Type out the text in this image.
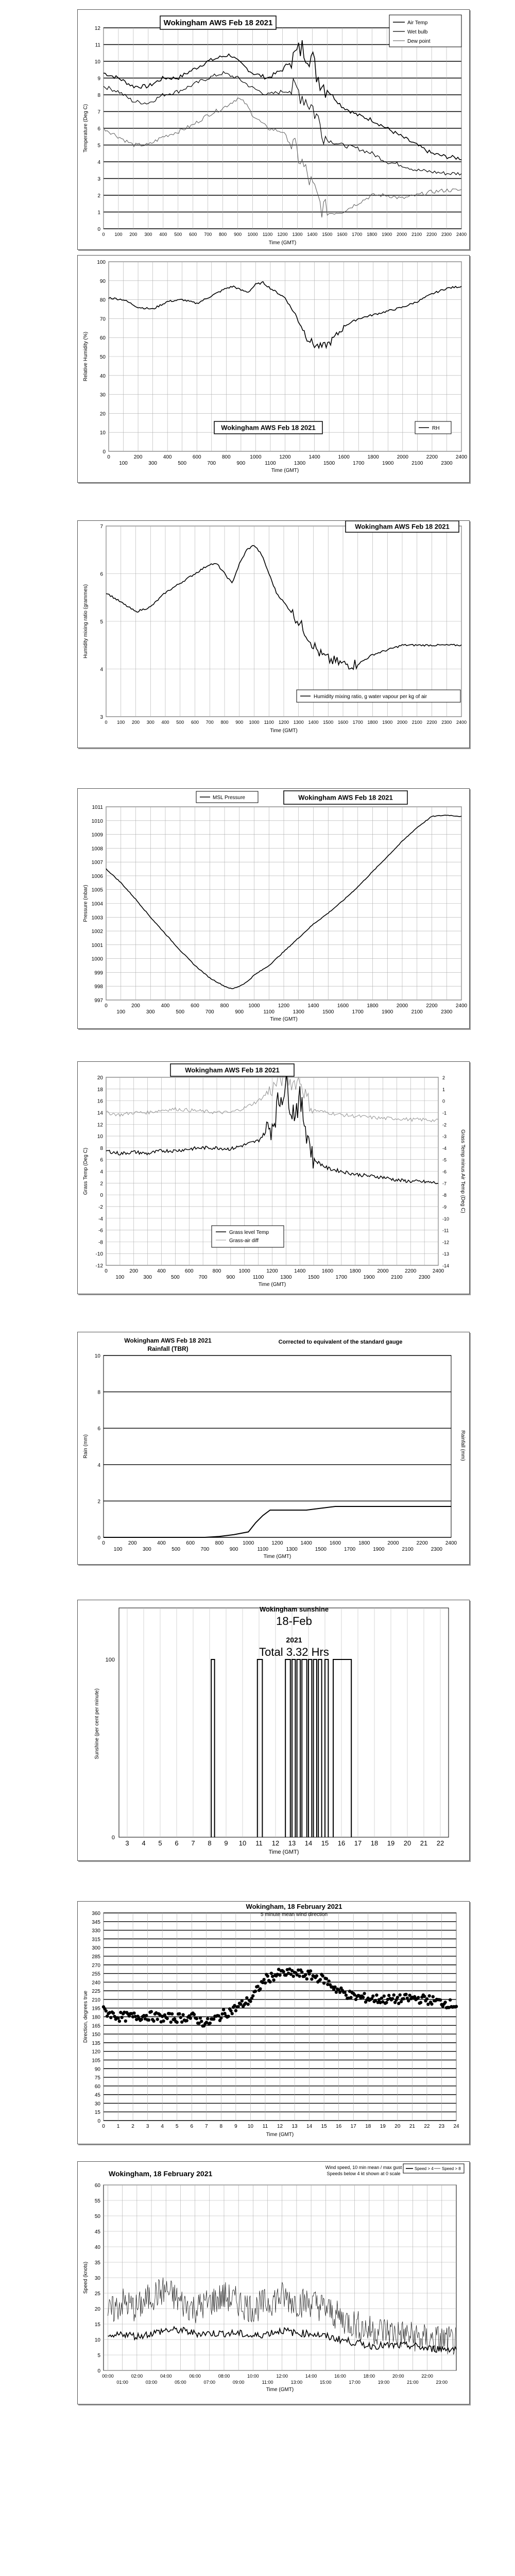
0
1
2
3
4
5
6
7
8
9
10
11
12
0 100 200 300 400 500 600 700 800 900 1000 1100 1200 1300 1400 1500 1600 1700 1800 1900 2000 2100 2200 2300 2400
Time (GMT)
Temperature (Deg C)
Wokingham AWS Feb 18 2021	Air Temp
Wet bulb
Dew point
0
10
20
30
40
50
60
70
80
90
100
0
100
200
300
400
500
600
700
800
900
1000
1100
1200
1300
1400
1500
1600
1700
1800
1900
2000
2100
2200
2300
2400
Time (GMT)
Relative Humidity (%)
Wokingham AWS Feb 18 2021	RH
3
4
5
6
7
0 100 200 300 400 500 600 700 800 900 1000 1100 1200 1300 1400 1500 1600 1700 1800 1900 2000 2100 2200 2300 2400
Time (GMT)
Humidity mixing ratio (grammes)
Wokingham AWS Feb 18 2021
Humidity mixing ratio, g water vapour per kg of air
997
998
999
1000
1001
1002
1003
1004
1005
1006
1007
1008
1009
1010
1011
0
100
200
300
400
500
600
700
800
900
1000
1100
1200
1300
1400
1500
1600
1700
1800
1900
2000
2100
2200
2300
2400
Time (GMT)
Pressure (mbar)
MSL Pressure	Wokingham AWS Feb 18 2021
-12
-10
-8
-6
-4
-2
0
2
4
6
8
10
12
14
16
18
20
0
100
200
300
400
500
600
700
800
900
1000
1100
1200
1300
1400
1500
1600
1700
1800
1900
2000
2100
2200
2300
2400
Time (GMT)
Grass Temp (Deg C)
-14
-13
-12
-11
-10
-9
-8
-7
-6
-5
-4
-3
-2
-1
0
1
2
Grass Temp minus Air Temp (Deg C)
Wokingham AWS Feb 18 2021
Grass level Temp
Grass-air diff
0
2
4
6
8
10
0
100
200
300
400
500
600
700
800
900
1000
1100
1200
1300
1400
1500
1600
1700
1800
1900
2000
2100
2200
2300
2400
Time (GMT)
Rain (mm)	Rainfall (mm)
Wokingham AWS Feb 18 2021
Rainfall (TBR)
Corrected to equivalent of the standard gauge
3 4 5 6 7 8 9 10 11 12 13 14 15 16 17 18 19 20 21 22
0
100
Time (GMT)
Sunshine (per cent per minute)
Wokingham sunshine
18-Feb
2021
Total 3.32 Hrs
0
15
30
45
60
75
90
105
120
135
150
165
180
195
210
225
240
255
270
285
300
315
330
345
360
0 1 2 3 4 5 6 7 8 9 10 11 12 13 14 15 16 17 18 19 20 21 22 23 24
Time (GMT)
Direction, degrees true
Wokingham, 18 February 2021
5 minute mean wind direction
0
5
10
15
20
25
30
35
40
45
50
55
60
00:00
01:00
02:00
03:00
04:00
05:00
06:00
07:00
08:00
09:00
10:00
11:00
12:00
13:00
14:00
15:00
16:00
17:00
18:00
19:00
20:00
21:00
22:00
23:00
Time (GMT)
Speed (knots)
Wokingham, 18 February 2021
Wind speed, 10 min mean / max gust
Speeds below 4 kt shown at 0 scale
Speed > 4 Speed > 8
